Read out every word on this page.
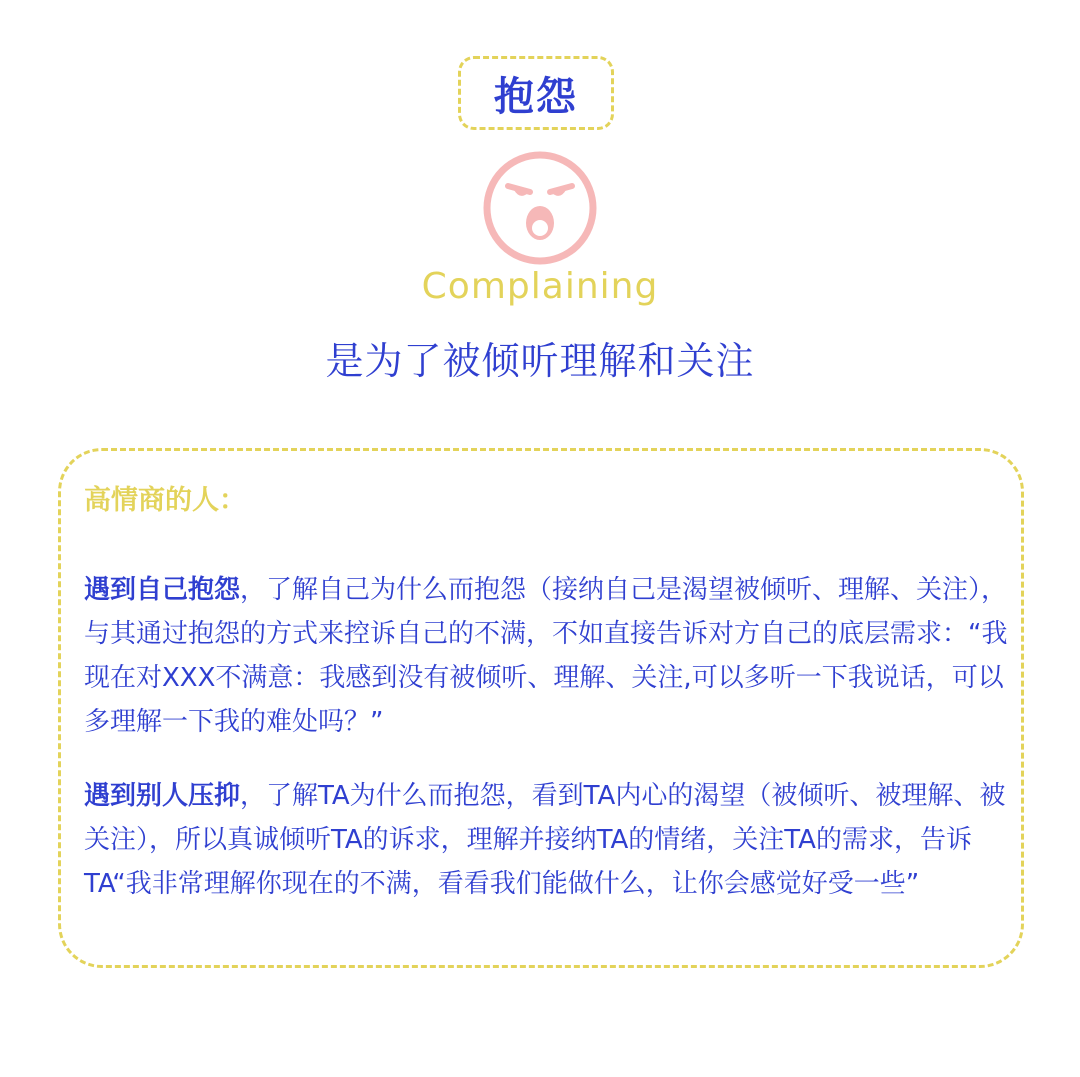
抱怨
Complaining
是为了被倾听理解和关注
高情商的人：

遇到自己抱怨，了解自己为什么而抱怨（接纳自己是渴望被倾听、理解、关注），与其通过抱怨的方式来控诉自己的不满，不如直接告诉对方自己的底层需求：“我现在对XXX不满意：我感到没有被倾听、理解、关注,可以多听一下我说话，可以多理解一下我的难处吗？”

遇到别人压抑，了解TA为什么而抱怨，看到TA内心的渴望（被倾听、被理解、被关注），所以真诚倾听TA的诉求，理解并接纳TA的情绪，关注TA的需求，告诉TA“我非常理解你现在的不满，看看我们能做什么，让你会感觉好受一些”
